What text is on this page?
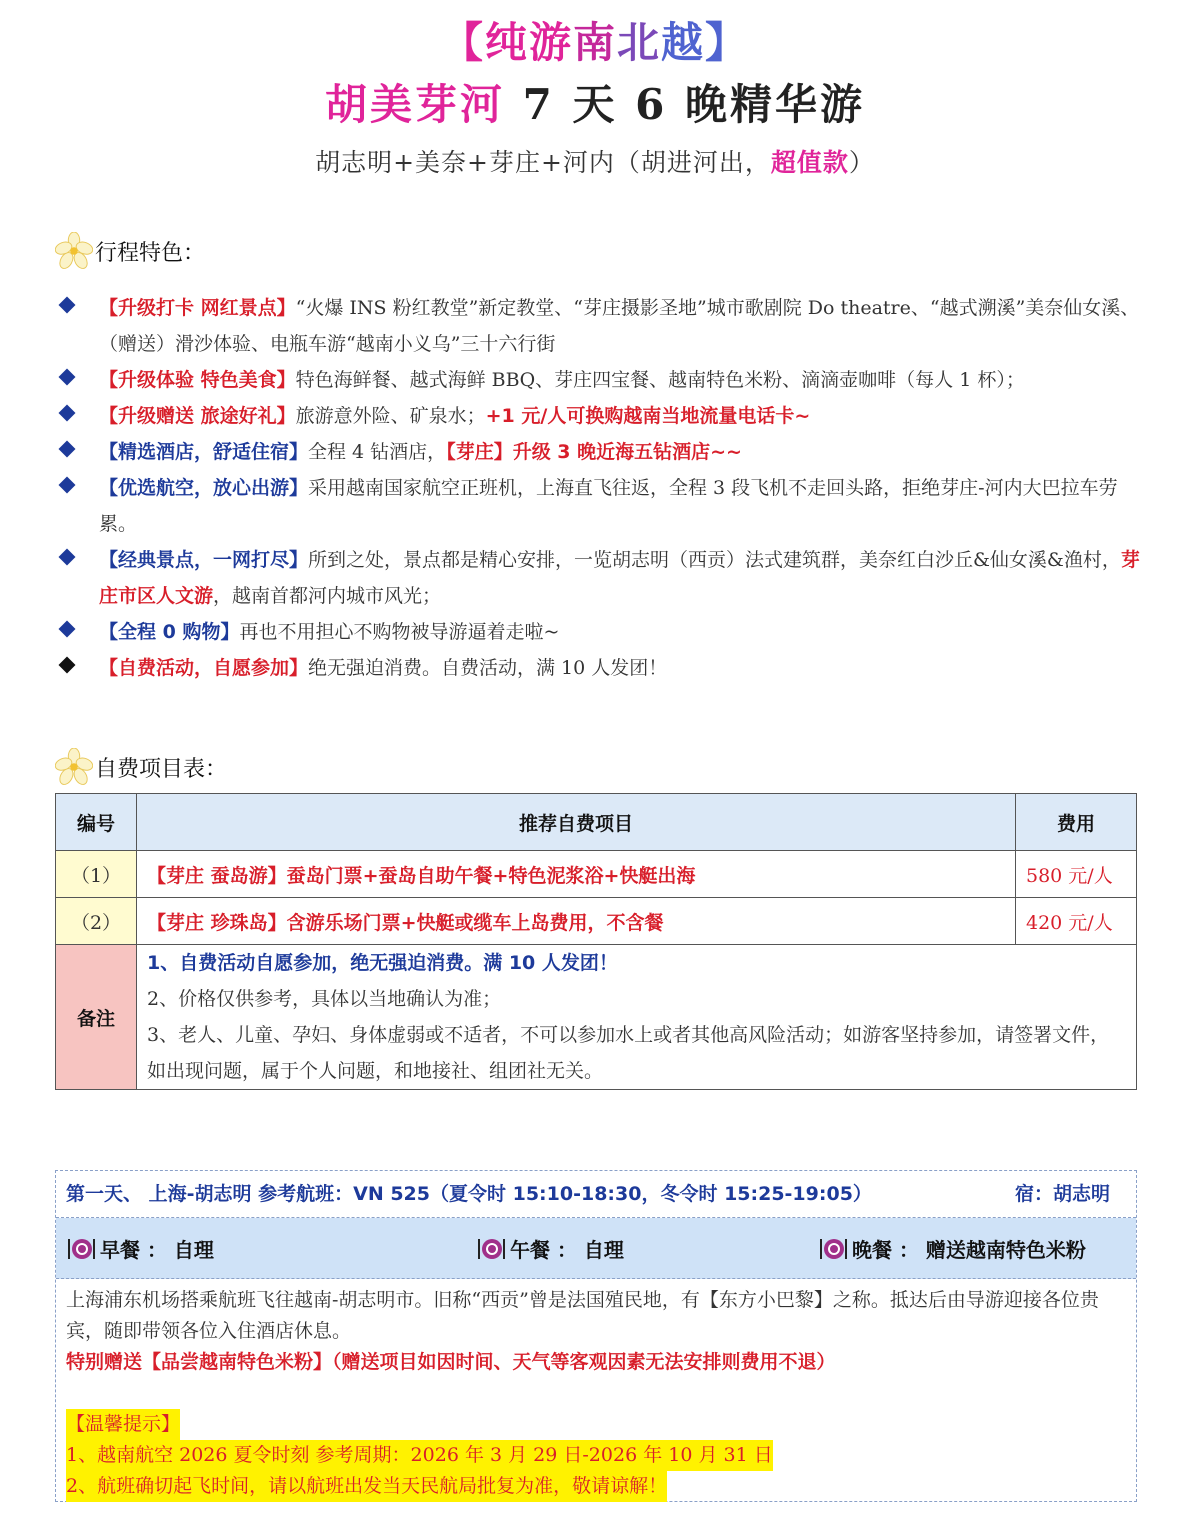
【纯游南北越】
胡美芽河 7 天 6 晚精华游
胡志明+美奈+芽庄+河内（胡进河出，超值款）
行程特色：
【升级打卡 网红景点】“火爆 INS 粉红教堂”新定教堂、“芽庄摄影圣地”城市歌剧院 Do theatre、“越式溯溪”美奈仙女溪、（赠送）滑沙体验、电瓶车游“越南小义乌”三十六行街
【升级体验 特色美食】特色海鲜餐、越式海鲜 BBQ、芽庄四宝餐、越南特色米粉、滴滴壶咖啡（每人 1 杯）；
【升级赠送 旅途好礼】旅游意外险、矿泉水；+1 元/人可换购越南当地流量电话卡~
【精选酒店，舒适住宿】全程 4 钻酒店，【芽庄】升级 3 晚近海五钻酒店~~
【优选航空，放心出游】采用越南国家航空正班机，上海直飞往返，全程 3 段飞机不走回头路，拒绝芽庄-河内大巴拉车劳累。
【经典景点，一网打尽】所到之处，景点都是精心安排，一览胡志明（西贡）法式建筑群，美奈红白沙丘&仙女溪&渔村，芽庄市区人文游，越南首都河内城市风光；
【全程 0 购物】再也不用担心不购物被导游逼着走啦~
【自费活动，自愿参加】绝无强迫消费。自费活动，满 10 人发团！
自费项目表：
编号	推荐自费项目	费用
（1）	【芽庄 蚕岛游】蚕岛门票+蚕岛自助午餐+特色泥浆浴+快艇出海	580 元/人
（2）	【芽庄 珍珠岛】含游乐场门票+快艇或缆车上岛费用，不含餐	420 元/人
备注	1、自费活动自愿参加，绝无强迫消费。满 10 人发团！
2、价格仅供参考，具体以当地确认为准；
3、老人、儿童、孕妇、身体虚弱或不适者，不可以参加水上或者其他高风险活动；如游客坚持参加，请签署文件，如出现问题，属于个人问题，和地接社、组团社无关。	
第一天、 上海-胡志明 参考航班：VN 525（夏令时 15:10-18:30，冬令时 15:25-19:05）	宿：胡志明
早餐 ： 自理	午餐 ： 自理	晚餐 ： 赠送越南特色米粉
上海浦东机场搭乘航班飞往越南-胡志明市。旧称“西贡”曾是法国殖民地，有【东方小巴黎】之称。抵达后由导游迎接各位贵宾，随即带领各位入住酒店休息。
特别赠送【品尝越南特色米粉】（赠送项目如因时间、天气等客观因素无法安排则费用不退）
【温馨提示】
1、越南航空 2026 夏令时刻 参考周期：2026 年 3 月 29 日-2026 年 10 月 31 日
2、航班确切起飞时间，请以航班出发当天民航局批复为准，敬请谅解！
